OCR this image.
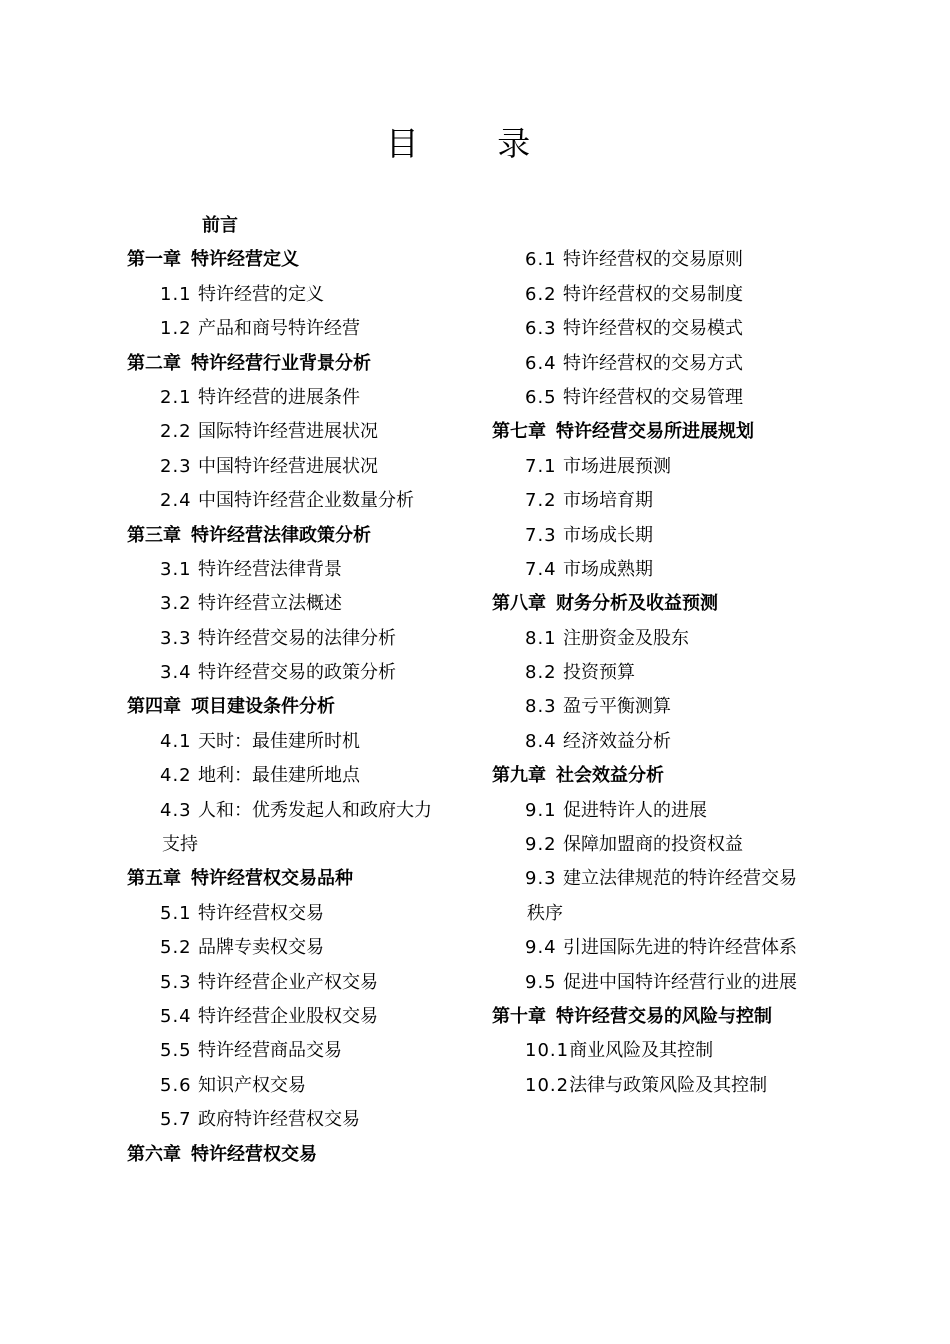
目 录
前言
第一章 特许经营定义
1.1 特许经营的定义
1.2 产品和商号特许经营
第二章 特许经营行业背景分析
2.1 特许经营的进展条件
2.2 国际特许经营进展状况
2.3 中国特许经营进展状况
2.4 中国特许经营企业数量分析
第三章 特许经营法律政策分析
3.1 特许经营法律背景
3.2 特许经营立法概述
3.3 特许经营交易的法律分析
3.4 特许经营交易的政策分析
第四章 项目建设条件分析
4.1 天时：最佳建所时机
4.2 地利：最佳建所地点
4.3 人和：优秀发起人和政府大力
支持
第五章 特许经营权交易品种
5.1 特许经营权交易
5.2 品牌专卖权交易
5.3 特许经营企业产权交易
5.4 特许经营企业股权交易
5.5 特许经营商品交易
5.6 知识产权交易
5.7 政府特许经营权交易
第六章 特许经营权交易
6.1 特许经营权的交易原则
6.2 特许经营权的交易制度
6.3 特许经营权的交易模式
6.4 特许经营权的交易方式
6.5 特许经营权的交易管理
第七章 特许经营交易所进展规划
7.1 市场进展预测
7.2 市场培育期
7.3 市场成长期
7.4 市场成熟期
第八章 财务分析及收益预测
8.1 注册资金及股东
8.2 投资预算
8.3 盈亏平衡测算
8.4 经济效益分析
第九章 社会效益分析
9.1 促进特许人的进展
9.2 保障加盟商的投资权益
9.3 建立法律规范的特许经营交易
秩序
9.4 引进国际先进的特许经营体系
9.5 促进中国特许经营行业的进展
第十章 特许经营交易的风险与控制
10.1商业风险及其控制
10.2法律与政策风险及其控制
